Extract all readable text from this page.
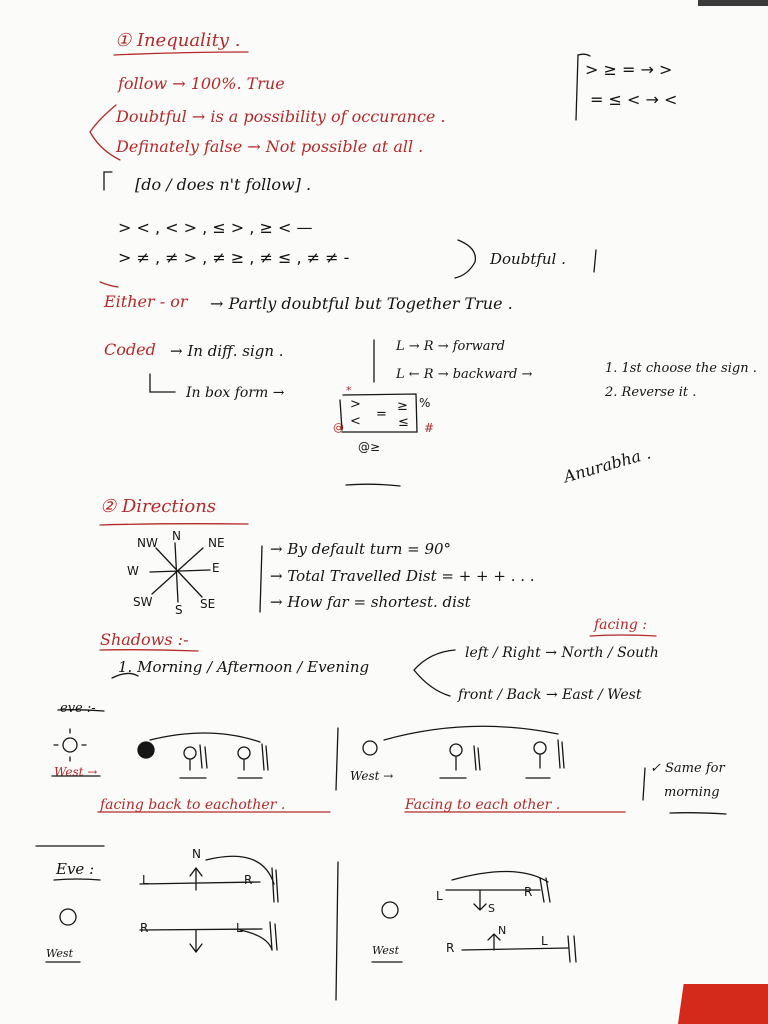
① Inequality .
follow → 100%. True
Doubtful → is a possibility of occurance .
Definately false → Not possible at all .
[do / does n't follow] .
> ≥ = → >
= ≤ < → <
> < , < > , ≤ > , ≥ < —
> ≠ , ≠ > , ≠ ≥ , ≠ ≤ , ≠ ≠ -	Doubtful .
Either - or → Partly doubtful but Together True .
Coded → In diff. sign .	L → R → forward
L ← R → backward →	1. 1st choose the sign .
2. Reverse it .
In box form →	*
>	≥
< =
≤
%
#
@
@≥	Anurabha .
② Directions
N
NW	NE
W	E
SW
S SE
→ By default turn = 90°
→ Total Travelled Dist = + + + . . .
→ How far = shortest. dist
Shadows :-
facing :
1. Morning / Afternoon / Evening
left / Right → North / South
front / Back → East / West
eve :-
West →
facing back to eachother .
West →
Facing to each other .
✓ Same for
morning
Eve :
N
L	R
R	L
West
L
S
R
N
R	L
West
